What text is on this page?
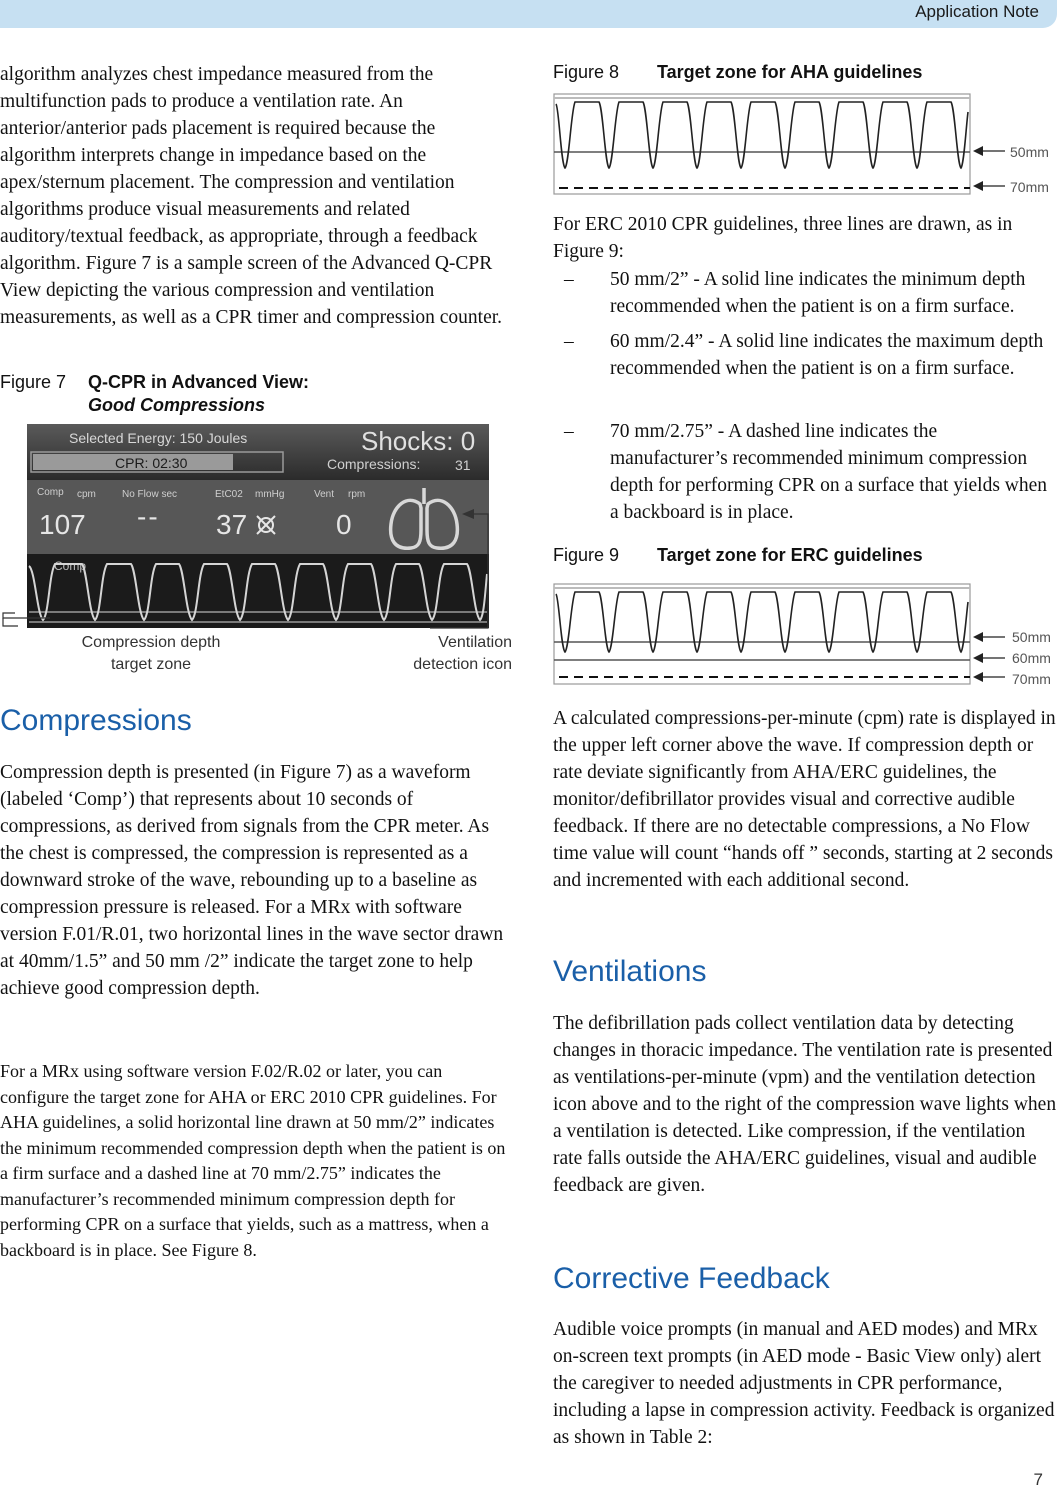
Application Note

algorithm analyzes chest impedance measured from the multifunction pads to produce a ventilation rate. An anterior/anterior pads placement is required because the algorithm interprets change in impedance based on the apex/sternum placement. The compression and ventilation algorithms produce visual measurements and related auditory/textual feedback, as appropriate, through a feedback algorithm. Figure 7 is a sample screen of the Advanced Q-CPR View depicting the various compression and ventilation measurements, as well as a CPR timer and compression counter.

Figure 7 Q-CPR in Advanced View:
Good Compressions
Selected Energy: 150 Joules	Shocks: 0
CPR: 02:30	Compressions: 31
Comp cpm	No Flow sec	EtC02 mmHg	Vent rpm
107 -- 37	0
Comp
Compression depth target zone
Ventilation detection icon
Compressions

Compression depth is presented (in Figure 7) as a waveform (labeled ‘Comp’) that represents about 10 seconds of compressions, as derived from signals from the CPR meter. As the chest is compressed, the compression is represented as a downward stroke of the wave, rebounding up to a baseline as compression pressure is released. For a MRx with software version F.01/R.01, two horizontal lines in the wave sector drawn at 40mm/1.5” and 50 mm /2” indicate the target zone to help achieve good compression depth.

For a MRx using software version F.02/R.02 or later, you can configure the target zone for AHA or ERC 2010 CPR guidelines. For AHA guidelines, a solid horizontal line drawn at 50 mm/2” indicates the minimum recommended compression depth when the patient is on a firm surface and a dashed line at 70 mm/2.75” indicates the manufacturer’s recommended minimum compression depth for performing CPR on a surface that yields, such as a mattress, when a backboard is in place. See Figure 8.

Figure 8 Target zone for AHA guidelines
50mm
70mm

For ERC 2010 CPR guidelines, three lines are drawn, as in Figure 9:

– 50 mm/2” - A solid line indicates the minimum depth recommended when the patient is on a firm surface.
– 60 mm/2.4” - A solid line indicates the maximum depth recommended when the patient is on a firm surface.
– 70 mm/2.75” - A dashed line indicates the manufacturer’s recommended minimum compression depth for performing CPR on a surface that yields when a backboard is in place.
Figure 9 Target zone for ERC guidelines
50mm
60mm
70mm

A calculated compressions-per-minute (cpm) rate is displayed in the upper left corner above the wave. If compression depth or rate deviate significantly from AHA/ERC guidelines, the monitor/defibrillator provides visual and corrective audible feedback. If there are no detectable compressions, a No Flow time value will count “hands off ” seconds, starting at 2 seconds and incremented with each additional second.

Ventilations

The defibrillation pads collect ventilation data by detecting changes in thoracic impedance. The ventilation rate is presented as ventilations-per-minute (vpm) and the ventilation detection icon above and to the right of the compression wave lights when a ventilation is detected. Like compression, if the ventilation rate falls outside the AHA/ERC guidelines, visual and audible feedback are given.

Corrective Feedback

Audible voice prompts (in manual and AED modes) and MRx on-screen text prompts (in AED mode - Basic View only) alert the caregiver to needed adjustments in CPR performance, including a lapse in compression activity. Feedback is organized as shown in Table 2:

7
